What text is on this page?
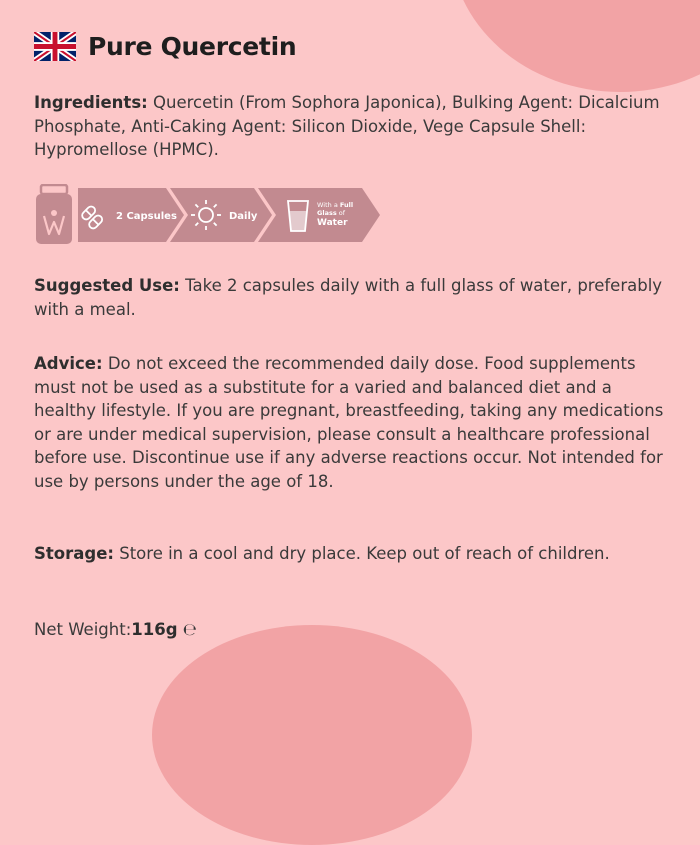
Pure Quercetin

Ingredients: Quercetin (From Sophora Japonica), Bulking Agent: Dicalcium Phosphate, Anti-Caking Agent: Silicon Dioxide, Vege Capsule Shell: Hypromellose (HPMC).

2 Capsules	Daily
With a Full Glass of Water

Suggested Use: Take 2 capsules daily with a full glass of water, preferably with a meal.

Advice: Do not exceed the recommended daily dose. Food supplements must not be used as a substitute for a varied and balanced diet and a healthy lifestyle. If you are pregnant, breastfeeding, taking any medications or are under medical supervision, please consult a healthcare professional before use. Discontinue use if any adverse reactions occur. Not intended for use by persons under the age of 18.

Storage: Store in a cool and dry place. Keep out of reach of children.

Net Weight:116g ℮
